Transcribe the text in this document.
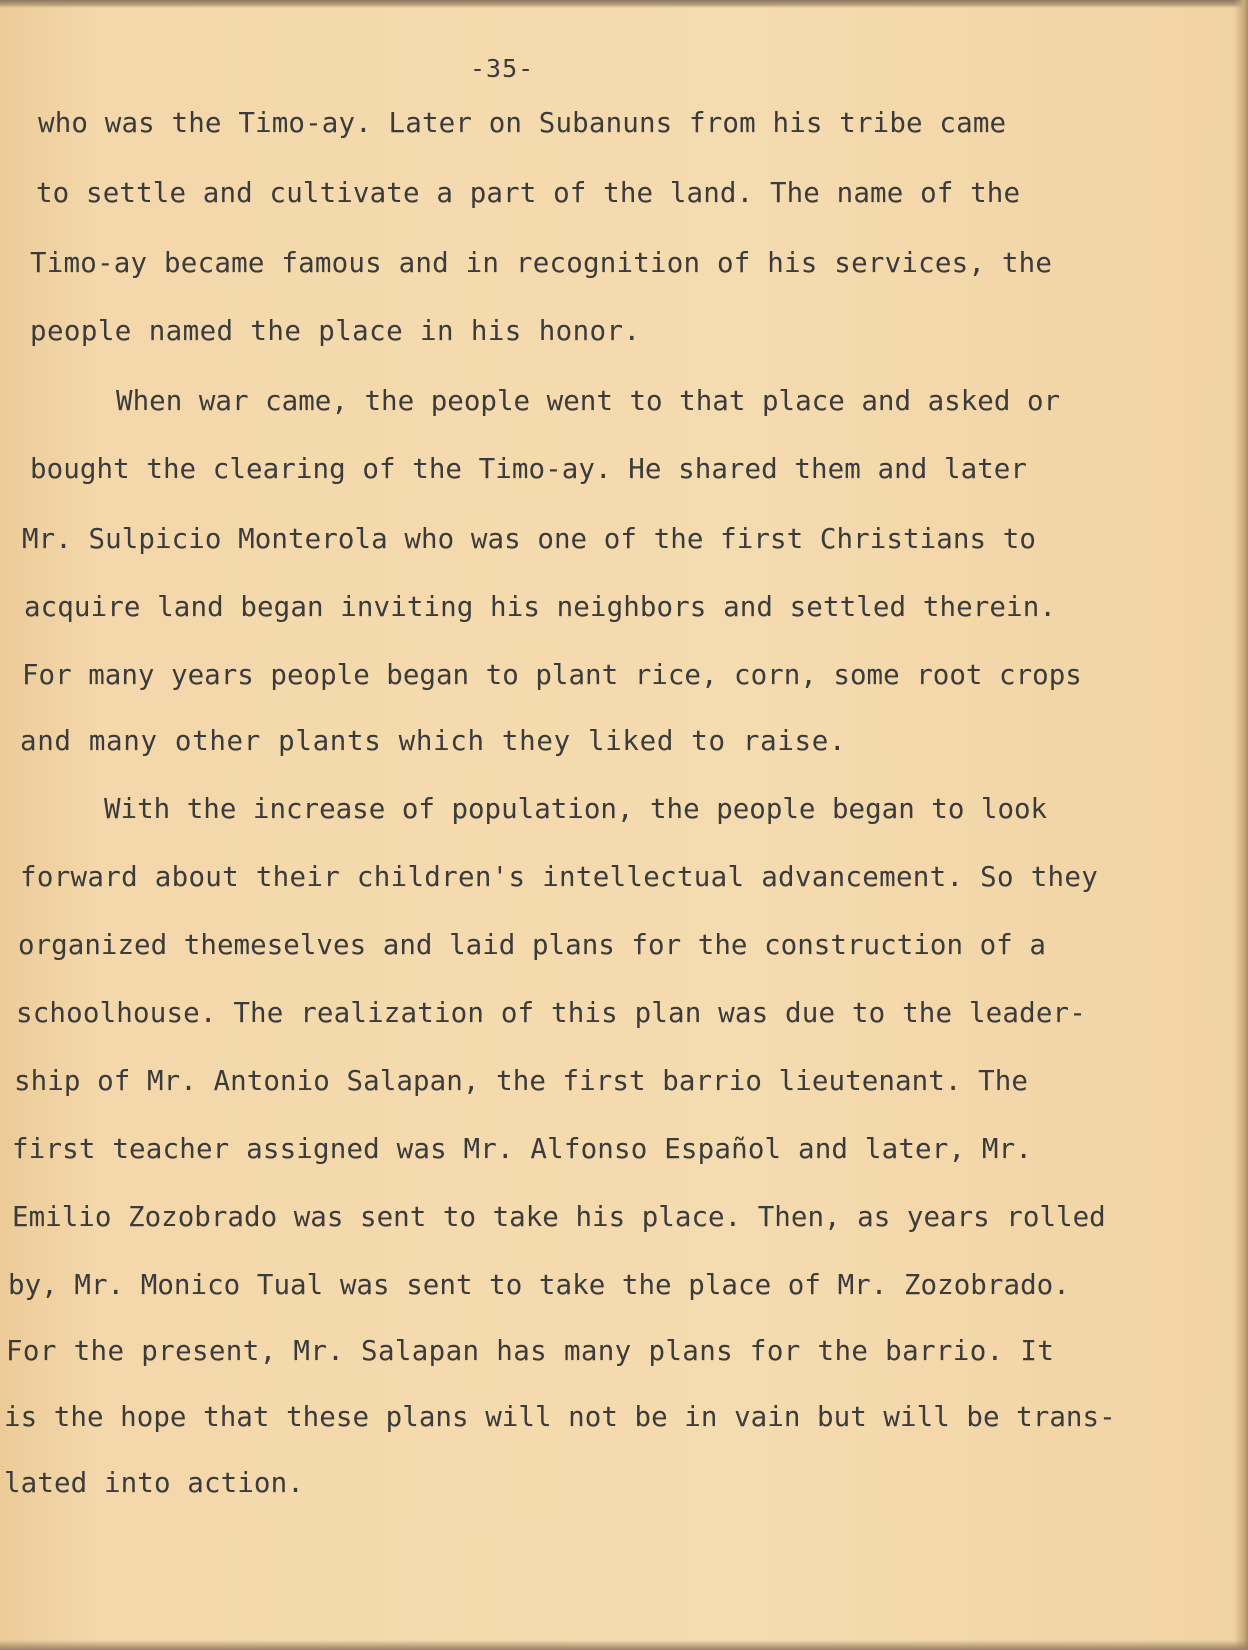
-35-
who was the Timo-ay. Later on Subanuns from his tribe came
to settle and cultivate a part of the land. The name of the
Timo-ay became famous and in recognition of his services, the
people named the place in his honor.
When war came, the people went to that place and asked or
bought the clearing of the Timo-ay. He shared them and later
Mr. Sulpicio Monterola who was one of the first Christians to
acquire land began inviting his neighbors and settled therein.
For many years people began to plant rice, corn, some root crops
and many other plants which they liked to raise.
With the increase of population, the people began to look
forward about their children's intellectual advancement. So they
organized themeselves and laid plans for the construction of a
schoolhouse. The realization of this plan was due to the leader-
ship of Mr. Antonio Salapan, the first barrio lieutenant. The
first teacher assigned was Mr. Alfonso Español and later, Mr.
Emilio Zozobrado was sent to take his place. Then, as years rolled
by, Mr. Monico Tual was sent to take the place of Mr. Zozobrado.
For the present, Mr. Salapan has many plans for the barrio. It
is the hope that these plans will not be in vain but will be trans-
lated into action.
